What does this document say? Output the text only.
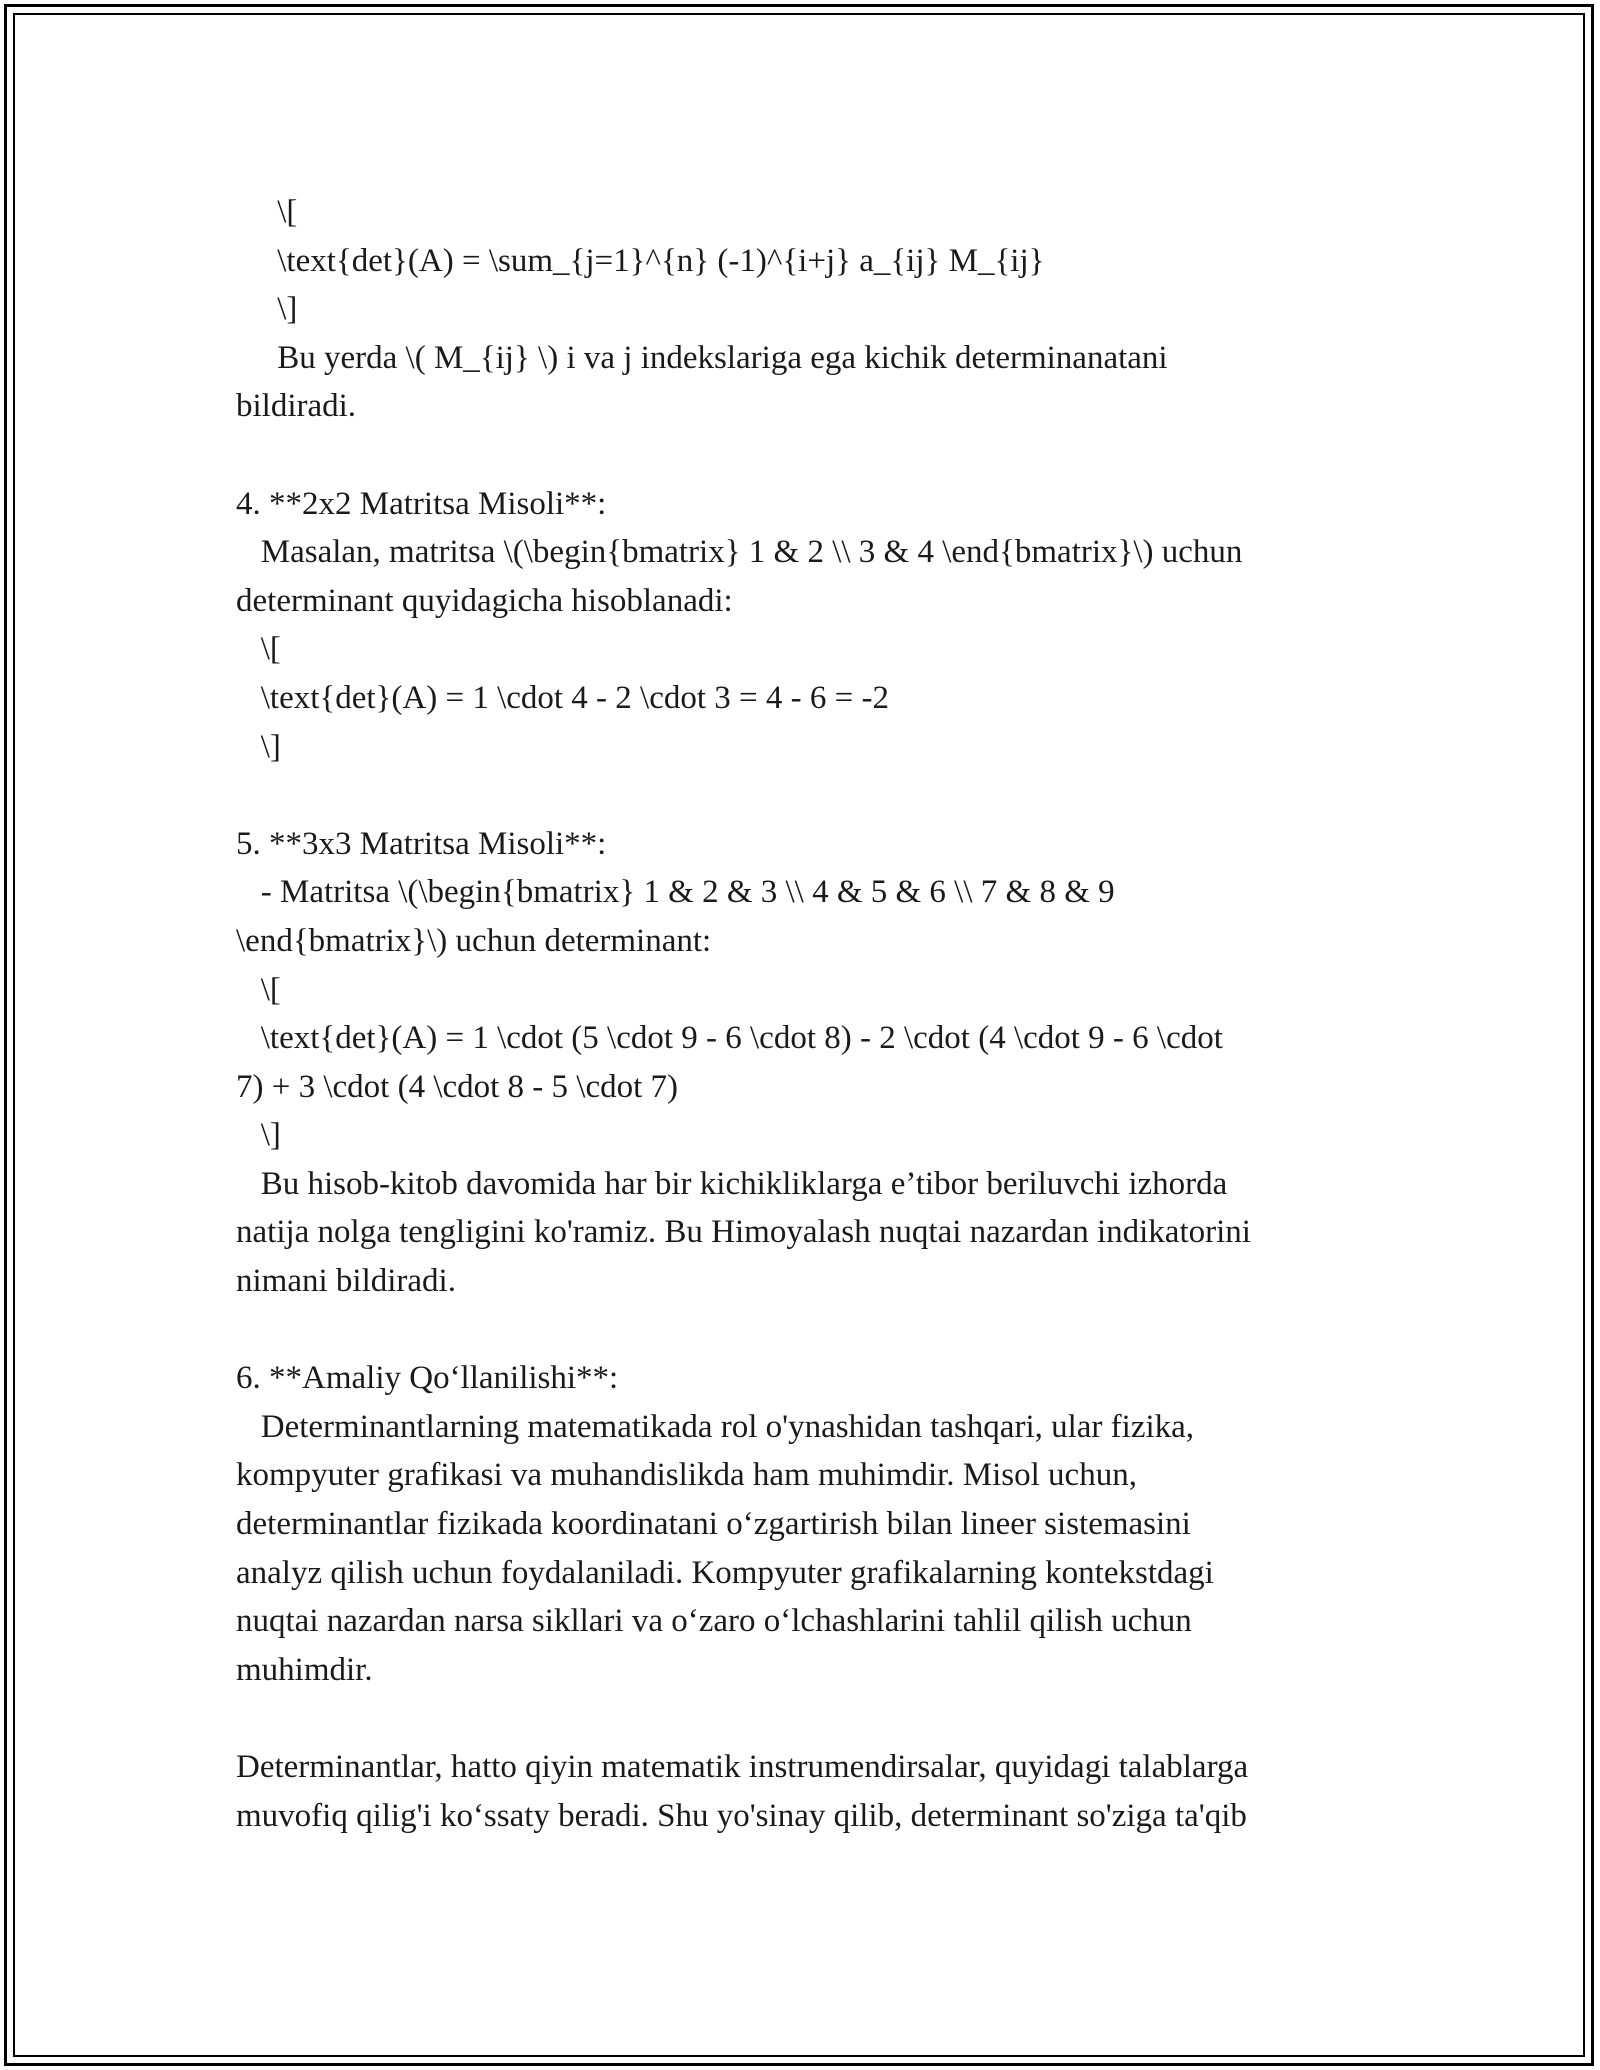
\[
\text{det}(A) = \sum_{j=1}^{n} (-1)^{i+j} a_{ij} M_{ij}
\]
Bu yerda \( M_{ij} \) i va j indekslariga ega kichik determinanatani
bildiradi.
4. **2x2 Matritsa Misoli**:
Masalan, matritsa \(\begin{bmatrix} 1 & 2 \\ 3 & 4 \end{bmatrix}\) uchun
determinant quyidagicha hisoblanadi:
\[
\text{det}(A) = 1 \cdot 4 - 2 \cdot 3 = 4 - 6 = -2
\]
5. **3x3 Matritsa Misoli**:
- Matritsa \(\begin{bmatrix} 1 & 2 & 3 \\ 4 & 5 & 6 \\ 7 & 8 & 9
\end{bmatrix}\) uchun determinant:
\[
\text{det}(A) = 1 \cdot (5 \cdot 9 - 6 \cdot 8) - 2 \cdot (4 \cdot 9 - 6 \cdot
7) + 3 \cdot (4 \cdot 8 - 5 \cdot 7)
\]
Bu hisob-kitob davomida har bir kichikliklarga e’tibor beriluvchi izhorda
natija nolga tengligini ko'ramiz. Bu Himoyalash nuqtai nazardan indikatorini
nimani bildiradi.
6. **Amaliy Qo‘llanilishi**:
Determinantlarning matematikada rol o'ynashidan tashqari, ular fizika,
kompyuter grafikasi va muhandislikda ham muhimdir. Misol uchun,
determinantlar fizikada koordinatani o‘zgartirish bilan lineer sistemasini
analyz qilish uchun foydalaniladi. Kompyuter grafikalarning kontekstdagi
nuqtai nazardan narsa sikllari va o‘zaro o‘lchashlarini tahlil qilish uchun
muhimdir.
Determinantlar, hatto qiyin matematik instrumendirsalar, quyidagi talablarga
muvofiq qilig'i ko‘ssaty beradi. Shu yo'sinay qilib, determinant so'ziga ta'qib
